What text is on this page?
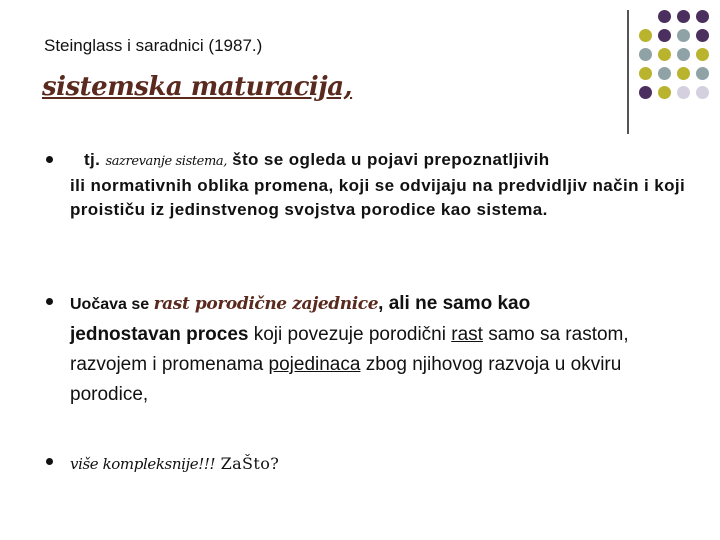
Steinglass i saradnici (1987.)
sistemska maturacija,
tj. sazrevanje sistema, što se ogleda u pojavi prepoznatljivih
ili normativnih oblika promena, koji se odvijaju na predvidljiv način i koji proističu iz jedinstvenog svojstva porodice kao sistema.
Uočava se rast porodične zajednice, ali ne samo kao
jednostavan proces koji povezuje porodični rast samo sa rastom, razvojem i promenama pojedinaca zbog njihovog razvoja u okviru porodice,
više kompleksnije!!! ZaŠto?
